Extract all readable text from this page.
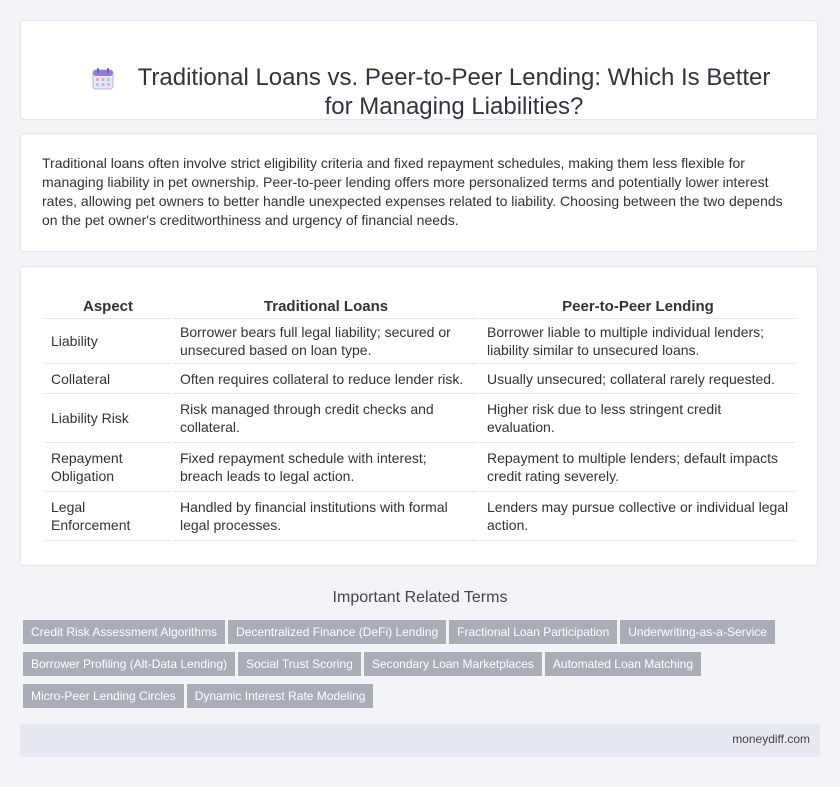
Traditional Loans vs. Peer-to-Peer Lending: Which Is Better for Managing Liabilities?

Traditional loans often involve strict eligibility criteria and fixed repayment schedules, making them less flexible for managing liability in pet ownership. Peer-to-peer lending offers more personalized terms and potentially lower interest rates, allowing pet owners to better handle unexpected expenses related to liability. Choosing between the two depends on the pet owner's creditworthiness and urgency of financial needs.

Aspect	Traditional Loans	Peer-to-Peer Lending
Liability	Borrower bears full legal liability; secured or unsecured based on loan type.	Borrower liable to multiple individual lenders; liability similar to unsecured loans.
Collateral	Often requires collateral to reduce lender risk.	Usually unsecured; collateral rarely requested.
Liability Risk	Risk managed through credit checks and collateral.	Higher risk due to less stringent credit evaluation.
Repayment Obligation	Fixed repayment schedule with interest; breach leads to legal action.	Repayment to multiple lenders; default impacts credit rating severely.
Legal Enforcement	Handled by financial institutions with formal legal processes.	Lenders may pursue collective or individual legal action.
Important Related Terms
Credit Risk Assessment Algorithms Decentralized Finance (DeFi) Lending Fractional Loan Participation Underwriting-as-a-Service
Borrower Profiling (Alt-Data Lending) Social Trust Scoring Secondary Loan Marketplaces Automated Loan Matching
Micro-Peer Lending Circles Dynamic Interest Rate Modeling
moneydiff.com
